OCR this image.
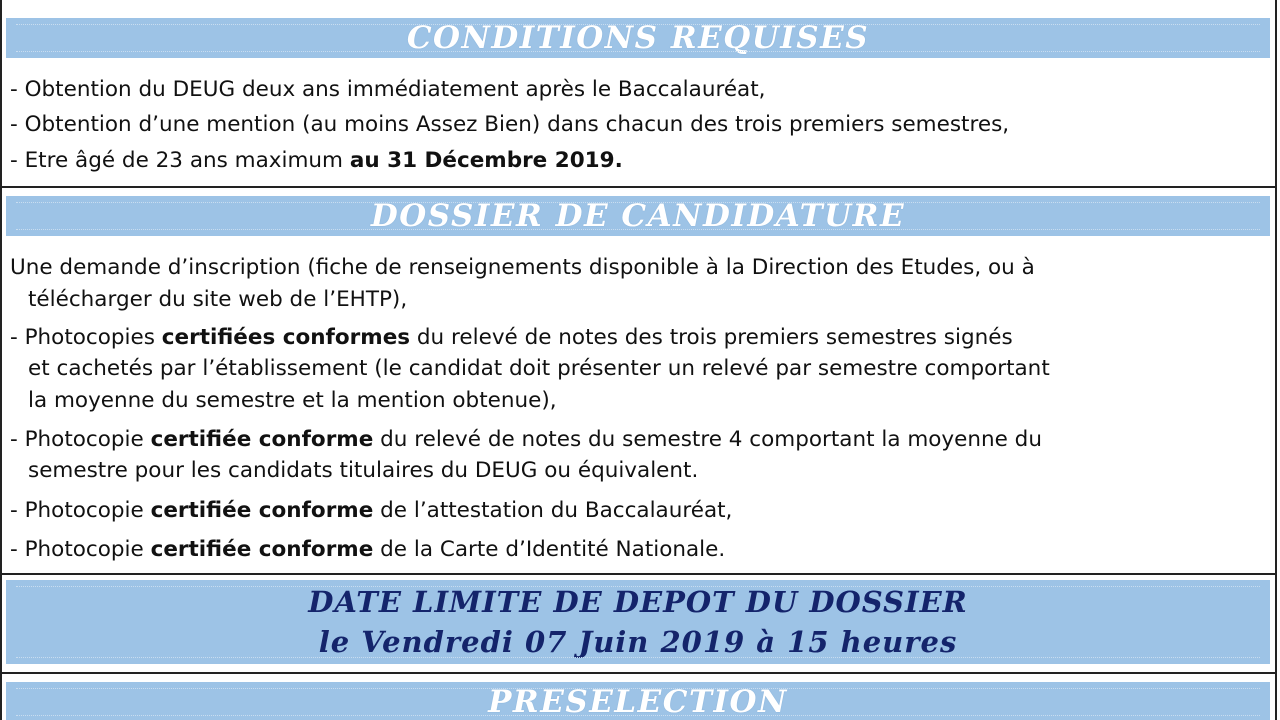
CONDITIONS REQUISES
- Obtention du DEUG deux ans immédiatement après le Baccalauréat,
- Obtention d’une mention (au moins Assez Bien) dans chacun des trois premiers semestres,
- Etre âgé de 23 ans maximum au 31 Décembre 2019.
DOSSIER DE CANDIDATURE
Une demande d’inscription (fiche de renseignements disponible à la Direction des Etudes, ou à
télécharger du site web de l’EHTP),
- Photocopies certifiées conformes du relevé de notes des trois premiers semestres signés
et cachetés par l’établissement (le candidat doit présenter un relevé par semestre comportant
la moyenne du semestre et la mention obtenue),
- Photocopie certifiée conforme du relevé de notes du semestre 4 comportant la moyenne du
semestre pour les candidats titulaires du DEUG ou équivalent.
- Photocopie certifiée conforme de l’attestation du Baccalauréat,
- Photocopie certifiée conforme de la Carte d’Identité Nationale.
DATE LIMITE DE DEPOT DU DOSSIER
le Vendredi 07 Juin 2019 à 15 heures
PRESELECTION
